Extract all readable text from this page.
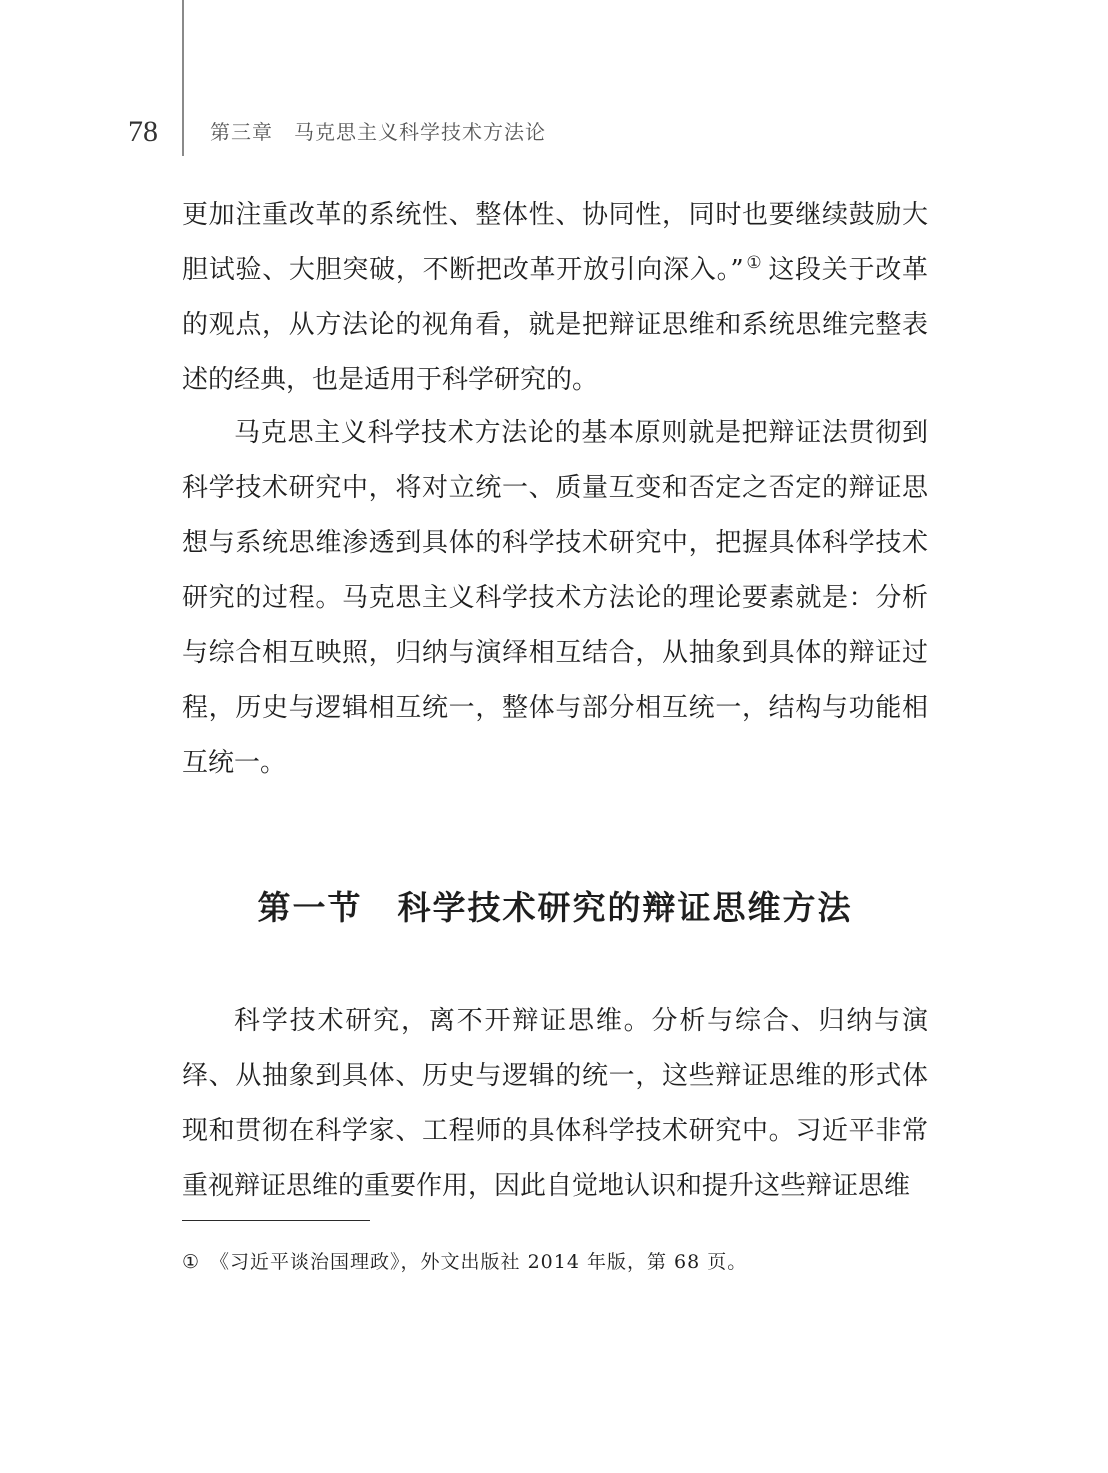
78	第三章　马克思主义科学技术方法论

更加注重改革的系统性、整体性、协同性，同时也要继续鼓励大胆试验、大胆突破，不断把改革开放引向深入。” ① 这段关于改革的观点，从方法论的视角看，就是把辩证思维和系统思维完整表述的经典，也是适用于科学研究的。

马克思主义科学技术方法论的基本原则就是把辩证法贯彻到科学技术研究中，将对立统一、质量互变和否定之否定的辩证思想与系统思维渗透到具体的科学技术研究中，把握具体科学技术研究的过程。马克思主义科学技术方法论的理论要素就是：分析与综合相互映照，归纳与演绎相互结合，从抽象到具体的辩证过程，历史与逻辑相互统一，整体与部分相互统一，结构与功能相互统一。

第一节　科学技术研究的辩证思维方法

科学技术研究，离不开辩证思维。分析与综合、归纳与演绎、从抽象到具体、历史与逻辑的统一，这些辩证思维的形式体现和贯彻在科学家、工程师的具体科学技术研究中。习近平非常重视辩证思维的重要作用，因此自觉地认识和提升这些辩证思维

① 《习近平谈治国理政》，外文出版社 2014 年版，第 68 页。
